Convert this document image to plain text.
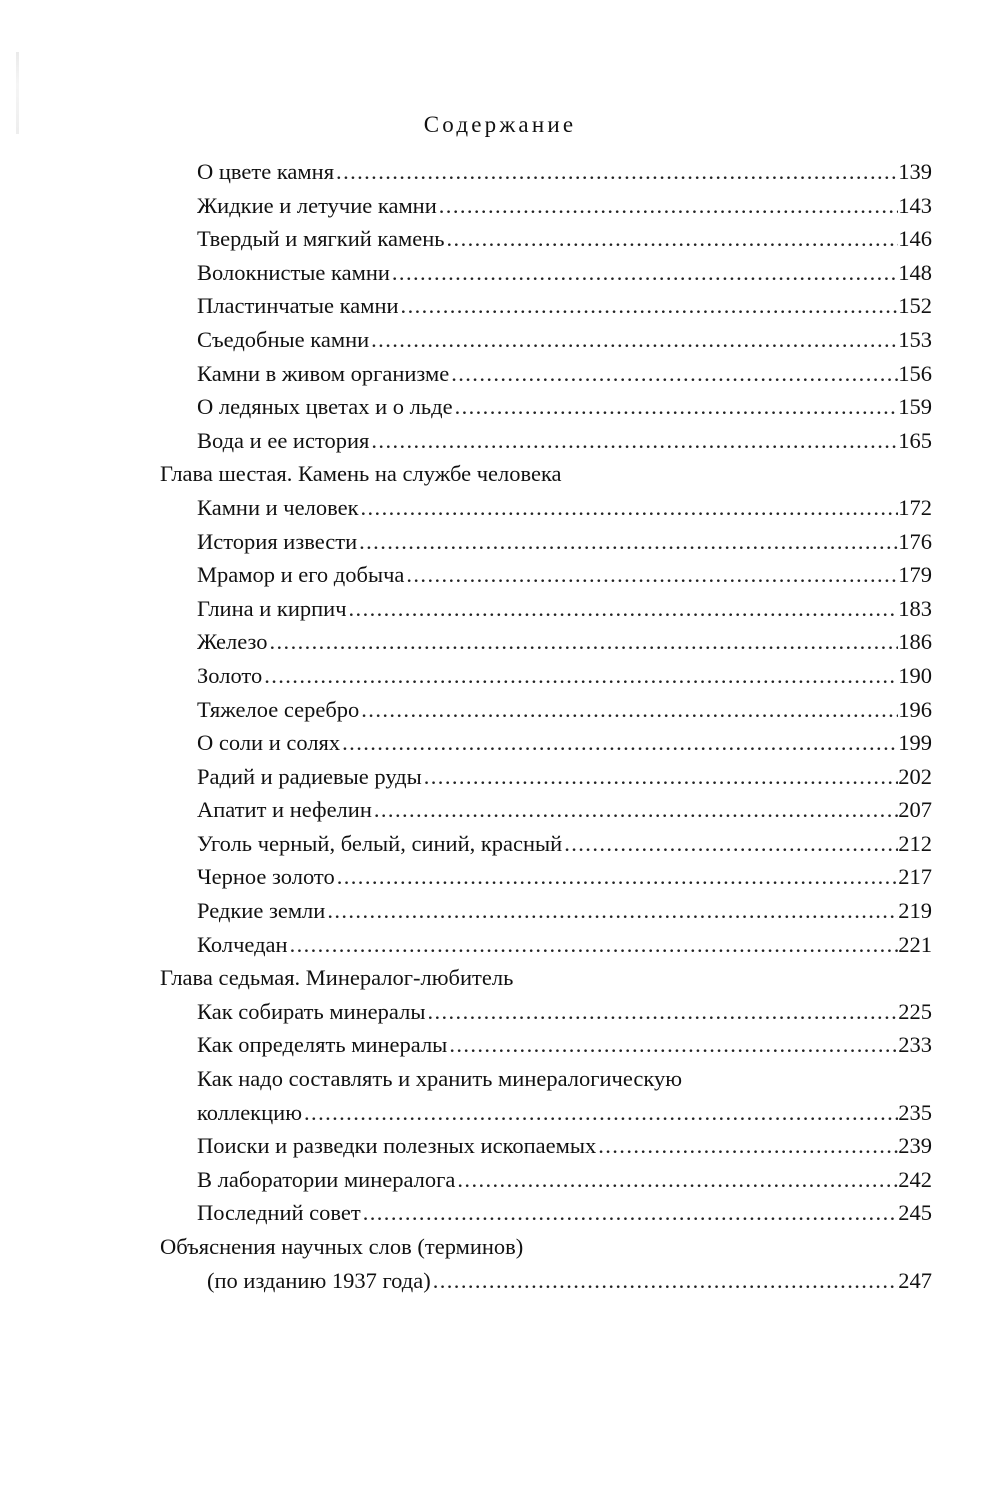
Содержание
О цвете камня .....	139
Жидкие и летучие камни .....	143
Твердый и мягкий камень .....	146
Волокнистые камни .....	148
Пластинчатые камни .....	152
Съедобные камни .....	153
Камни в живом организме .....	156
О ледяных цветах и о льде .....	159
Вода и ее история .....	165
Глава шестая. Камень на службе человека
Камни и человек .....	172
История извести .....	176
Мрамор и его добыча .....	179
Глина и кирпич .....	183
Железо .....	186
Золото .....	190
Тяжелое серебро .....	196
О соли и солях .....	199
Радий и радиевые руды .....	202
Апатит и нефелин .....	207
Уголь черный, белый, синий, красный .....	212
Черное золото .....	217
Редкие земли .....	219
Колчедан .....	221
Глава седьмая. Минералог-любитель
Как собирать минералы .....	225
Как определять минералы .....	233
Как надо составлять и хранить минералогическую
коллекцию .....	235
Поиски и разведки полезных ископаемых .....	239
В лаборатории минералога .....	242
Последний совет .....	245
Объяснения научных слов (терминов)
(по изданию 1937 года) .....	247
